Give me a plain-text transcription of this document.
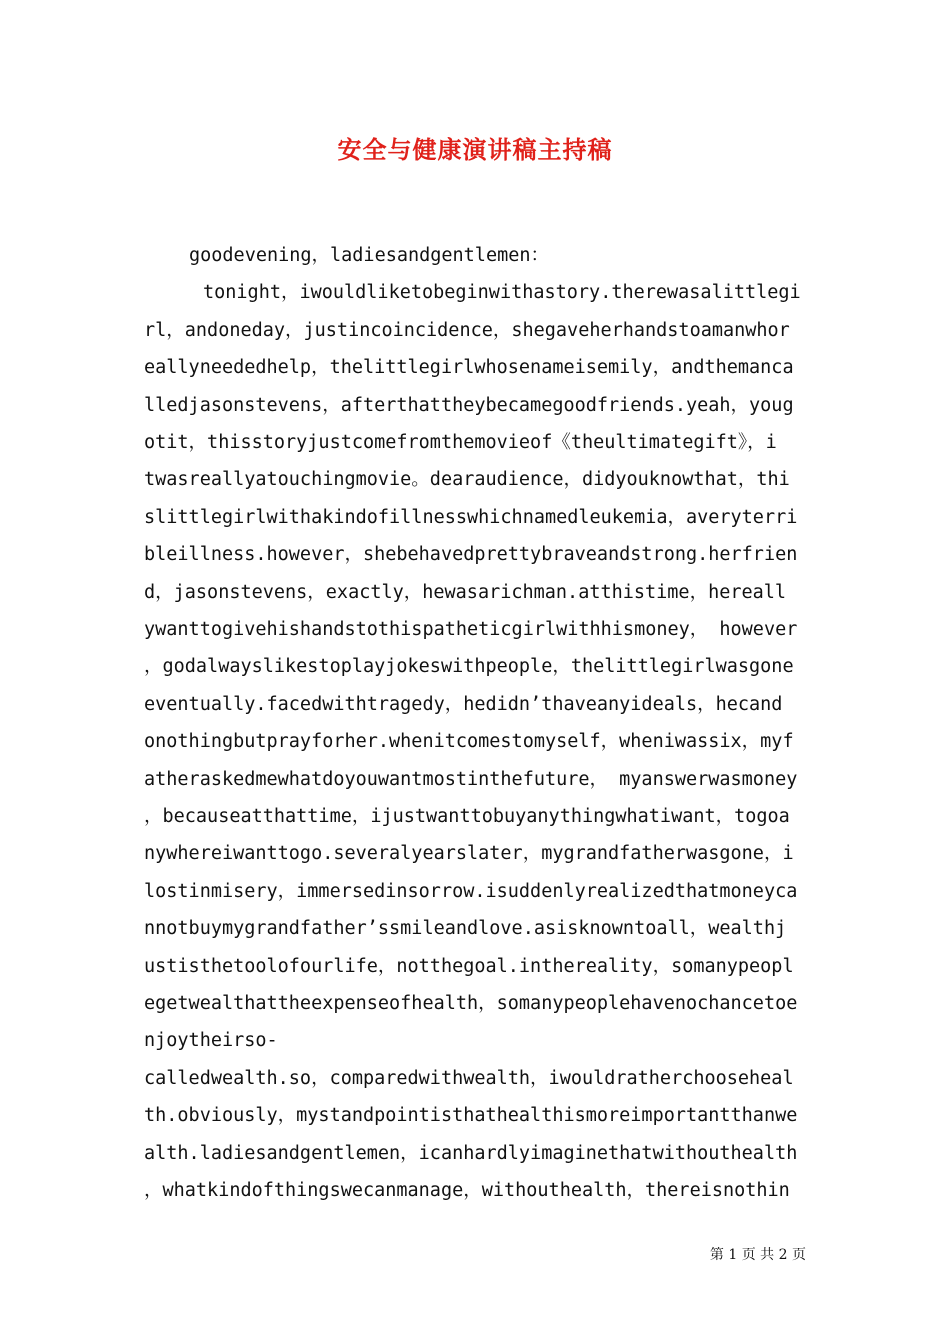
安全与健康演讲稿主持稿
goodevening，ladiesandgentlemen：
tonight，iwouldliketobeginwithastory.therewasalittlegi
rl，andoneday，justincoincidence，shegaveherhandstoamanwhor
eallyneededhelp，thelittlegirlwhosenameisemily，andthemanca
lledjasonstevens，afterthattheybecamegoodfriends.yeah，youg
otit，thisstoryjustcomefromthemovieof《theultimategift》，i
twasreallyatouchingmovie。dearaudience，didyouknowthat，thi
slittlegirlwithakindofillnesswhichnamedleukemia，averyterri
bleillness.however，shebehavedprettybraveandstrong.herfrien
d，jasonstevens，exactly，hewasarichman.atthistime，hereall
ywanttogivehishandstothispatheticgirlwithhismoney， however
，godalwayslikestoplayjokeswithpeople，thelittlegirlwasgone
eventually.facedwithtragedy，hedidn’thaveanyideals，hecand
onothingbutprayforher.whenitcomestomyself，wheniwassix，myf
atheraskedmewhatdoyouwantmostinthefuture， myanswerwasmoney
，becauseatthattime，ijustwanttobuyanythingwhatiwant，togoa
nywhereiwanttogo.severalyearslater，mygrandfatherwasgone，i
lostinmisery，immersedinsorrow.isuddenlyrealizedthatmoneyca
nnotbuymygrandfather’ssmileandlove.asisknowntoall，wealthj
ustisthetoolofourlife，notthegoal.inthereality，somanypeopl
egetwealthattheexpenseofhealth，somanypeoplehavenochancetoe
njoytheirso-
calledwealth.so，comparedwithwealth，iwouldratherchoosehеal
th.obviously，mystandpointisthathealthismoreimportantthanwe
alth.ladiesandgentlemen，icanhardlyimaginethatwithouthealth
，whatkindofthingswecanmanage，withouthealth，thereisnothin
第 1 页 共 2 页
